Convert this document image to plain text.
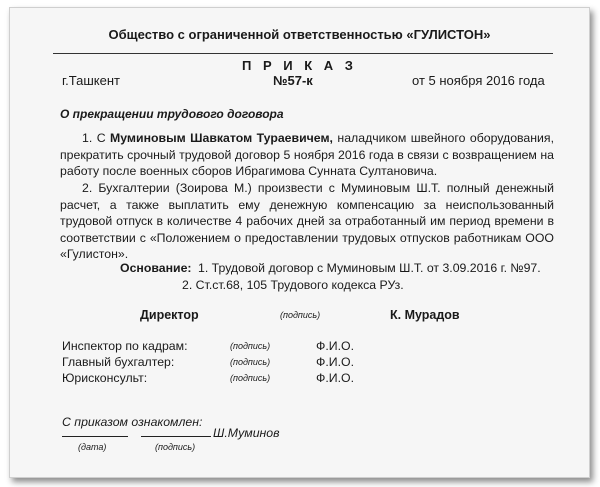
Общество с ограниченной ответственностью «ГУЛИСТОН»
П Р И К А З
г.Ташкент	№57-к	от 5 ноября 2016 года
О прекращении трудового договора
1. С Муминовым Шавкатом Тураевичем, наладчиком швейного оборудования, прекратить срочный трудовой договор 5 ноября 2016 года в связи с возвращением на работу после военных сборов Ибрагимова Сунната Султановича.
2. Бухгалтерии (Зоирова М.) произвести с Муминовым Ш.Т. полный денежный расчет, а также выплатить ему денежную компенсацию за неиспользованный трудовой отпуск в количестве 4 рабочих дней за отработанный им период времени в соответствии с «Положением о предоставлении трудовых отпусков работникам ООО «Гулистон».
Основание: 1. Трудовой договор с Муминовым Ш.Т. от 3.09.2016 г. №97.
2. Ст.ст.68, 105 Трудового кодекса РУз.
Директор	(подпись)	К. Мурадов
Инспектор по кадрам:	(подпись)	Ф.И.О.
Главный бухгалтер:	(подпись)	Ф.И.О.
Юрисконсульт:	(подпись)	Ф.И.О.
С приказом ознакомлен:
Ш.Муминов
(дата)	(подпись)
